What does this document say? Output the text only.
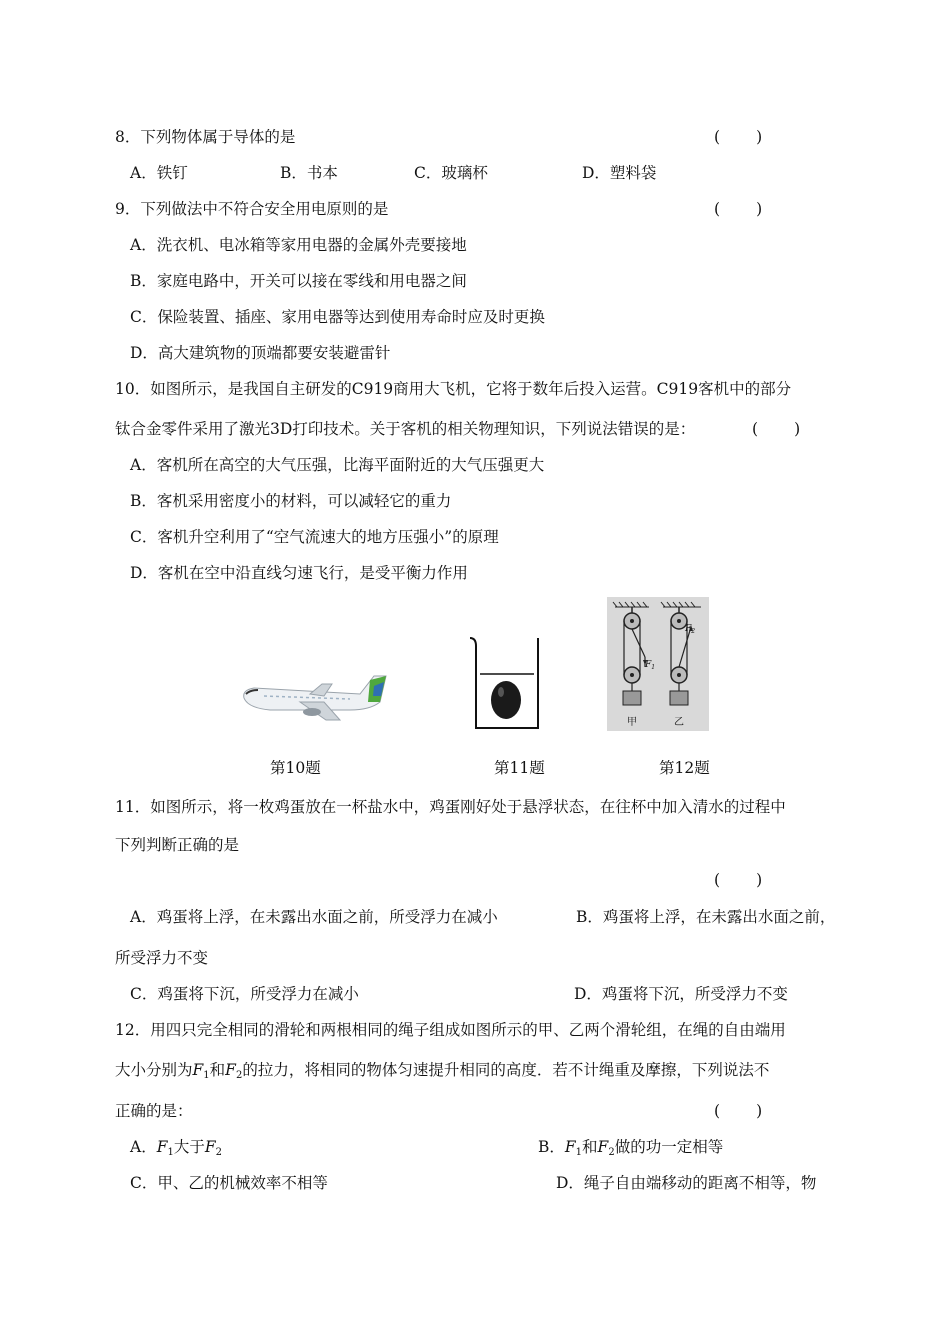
8．下列物体属于导体的是	( )
A．铁钉	B．书本	C．玻璃杯	D．塑料袋
9．下列做法中不符合安全用电原则的是	( )
A．洗衣机、电冰箱等家用电器的金属外壳要接地
B．家庭电路中，开关可以接在零线和用电器之间
C．保险装置、插座、家用电器等达到使用寿命时应及时更换
D．高大建筑物的顶端都要安装避雷针
10．如图所示，是我国自主研发的C919商用大飞机，它将于数年后投入运营。C919客机中的部分
钛合金零件采用了激光3D打印技术。关于客机的相关物理知识，下列说法错误的是：	( )
A．客机所在高空的大气压强，比海平面附近的大气压强更大
B．客机采用密度小的材料，可以减轻它的重力
C．客机升空利用了“空气流速大的地方压强小”的原理
D．客机在空中沿直线匀速飞行，是受平衡力作用
$F_1$
$F_2$
甲	乙
第10题	第11题	第12题
11．如图所示，将一枚鸡蛋放在一杯盐水中，鸡蛋刚好处于悬浮状态，在往杯中加入清水的过程中
下列判断正确的是
( )
A．鸡蛋将上浮，在未露出水面之前，所受浮力在减小	B．鸡蛋将上浮，在未露出水面之前，
所受浮力不变
C．鸡蛋将下沉，所受浮力在减小	D．鸡蛋将下沉，所受浮力不变
12．用四只完全相同的滑轮和两根相同的绳子组成如图所示的甲、乙两个滑轮组，在绳的自由端用
大小分别为$F_1$和$F_2$的拉力，将相同的物体匀速提升相同的高度．若不计绳重及摩擦，下列说法不
正确的是：	( )
A．$F_1$大于$F_2$	B．$F_1$和$F_2$做的功一定相等
C．甲、乙的机械效率不相等	D．绳子自由端移动的距离不相等，物
